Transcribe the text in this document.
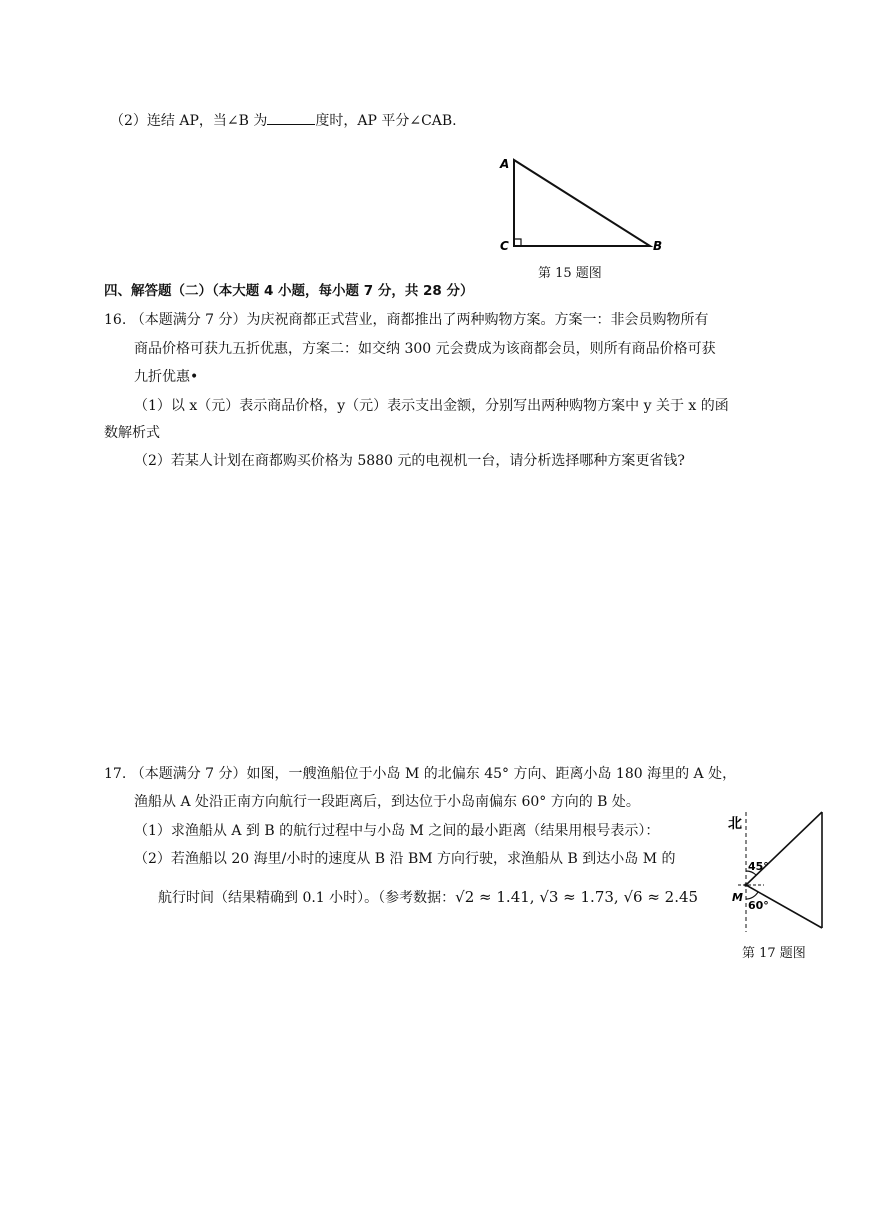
（2）连结 AP，当∠B 为	度时，AP 平分∠CAB.
A
C	B
第 15 题图
四、解答题（二）（本大题 4 小题，每小题 7 分，共 28 分）
16. （本题满分 7 分）为庆祝商都正式营业，商都推出了两种购物方案。方案一：非会员购物所有
商品价格可获九五折优惠，方案二：如交纳 300 元会费成为该商都会员，则所有商品价格可获
九折优惠•
（1）以 x（元）表示商品价格，y（元）表示支出金额，分别写出两种购物方案中 y 关于 x 的函
数解析式
（2）若某人计划在商都购买价格为 5880 元的电视机一台，请分析选择哪种方案更省钱?
17. （本题满分 7 分）如图，一艘渔船位于小岛 M 的北偏东 45° 方向、距离小岛 180 海里的 A 处，
渔船从 A 处沿正南方向航行一段距离后，到达位于小岛南偏东 60° 方向的 B 处。
（1）求渔船从 A 到 B 的航行过程中与小岛 M 之间的最小距离（结果用根号表示）：
（2）若渔船以 20 海里/小时的速度从 B 沿 BM 方向行驶，求渔船从 B 到达小岛 M 的
航行时间（结果精确到 0.1 小时）。（参考数据：√2 ≈ 1.41, √3 ≈ 1.73, √6 ≈ 2.45
北
45°
60°
M
第 17 题图
